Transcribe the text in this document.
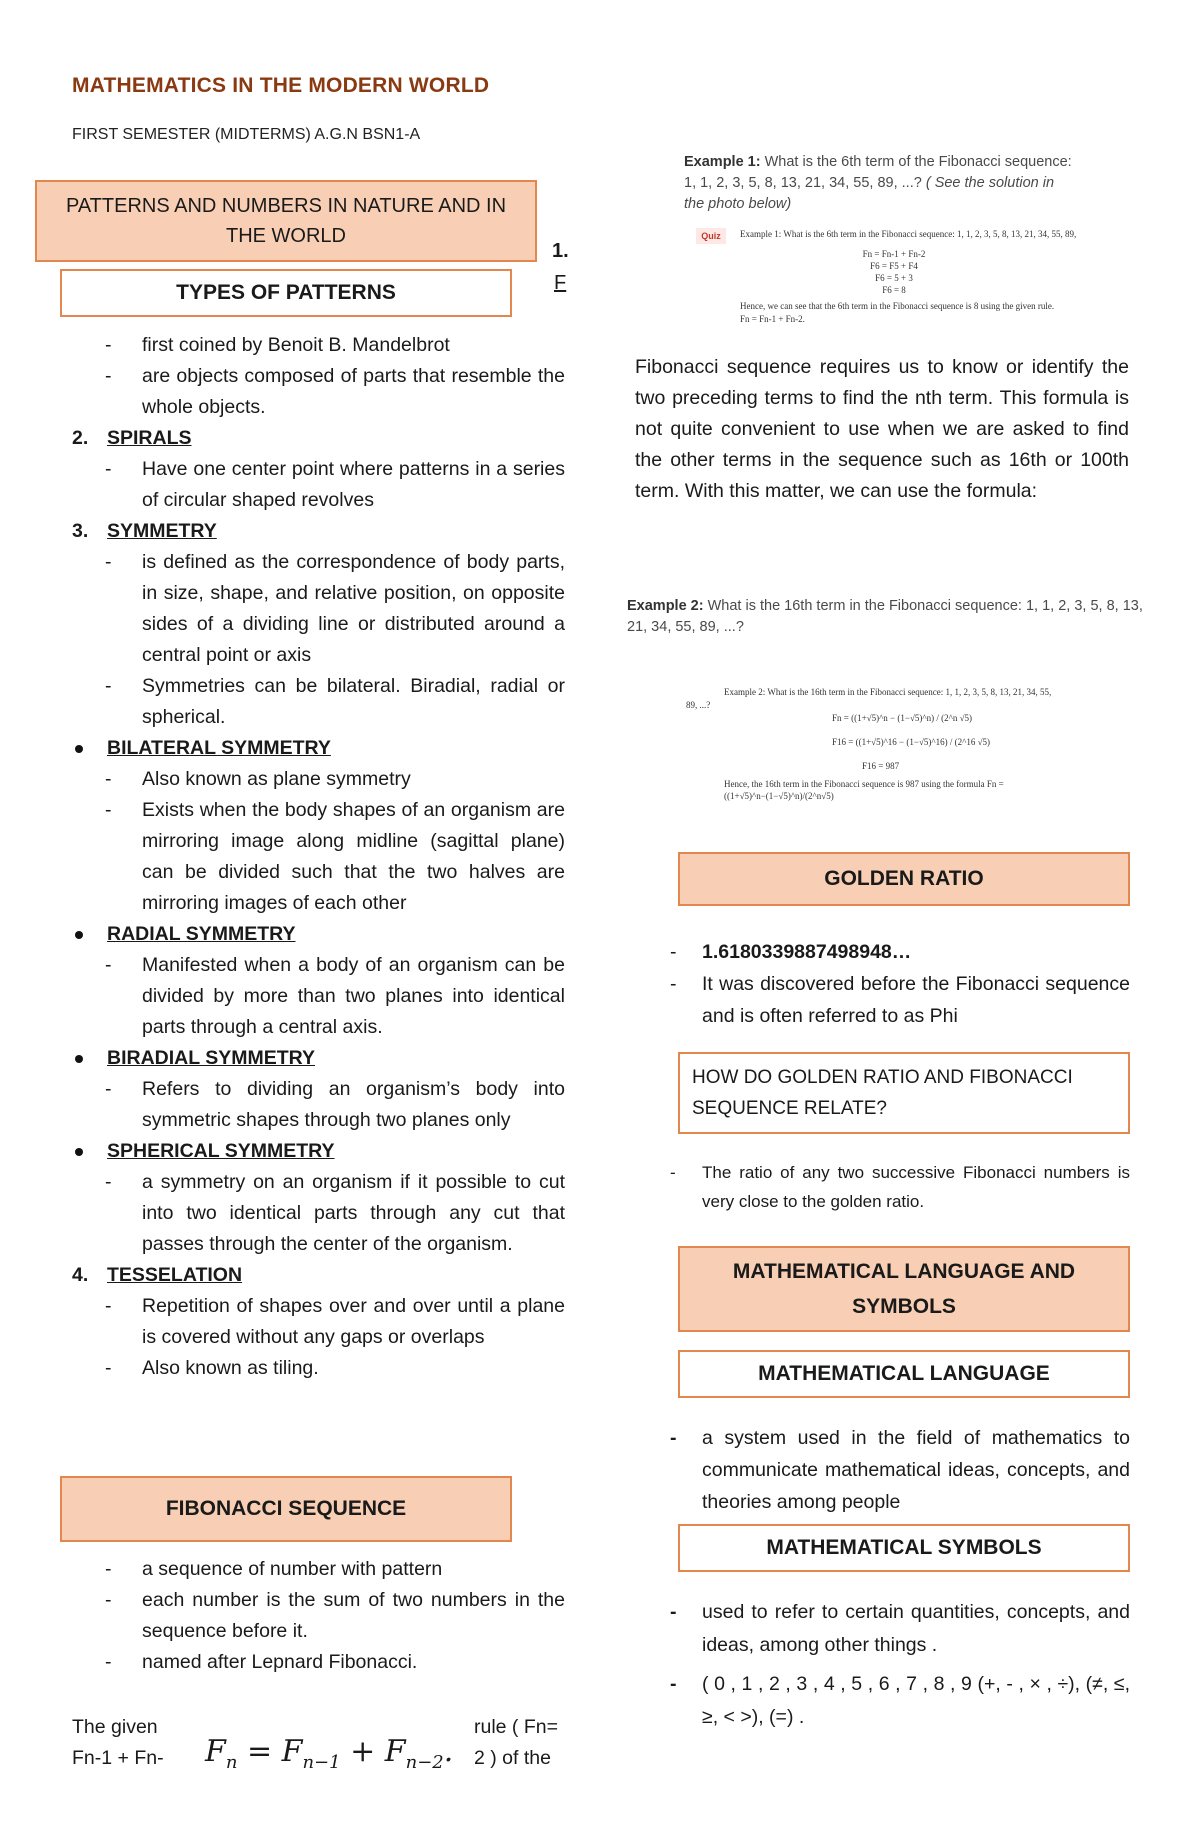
MATHEMATICS IN THE MODERN WORLD
FIRST SEMESTER (MIDTERMS) A.G.N BSN1-A
PATTERNS AND NUMBERS IN NATURE AND IN THE WORLD
1.
F
TYPES OF PATTERNS
- first coined by Benoit B. Mandelbrot
- are objects composed of parts that resemble the whole objects.
2. SPIRALS
- Have one center point where patterns in a series of circular shaped revolves
3. SYMMETRY
- is defined as the correspondence of body parts, in size, shape, and relative position, on opposite sides of a dividing line or distributed around a central point or axis
- Symmetries can be bilateral. Biradial, radial or spherical.
BILATERAL SYMMETRY
- Also known as plane symmetry
- Exists when the body shapes of an organism are mirroring image along midline (sagittal plane) can be divided such that the two halves are mirroring images of each other
RADIAL SYMMETRY
- Manifested when a body of an organism can be divided by more than two planes into identical parts through a central axis.
BIRADIAL SYMMETRY
- Refers to dividing an organism’s body into symmetric shapes through two planes only
SPHERICAL SYMMETRY
- a symmetry on an organism if it possible to cut into two identical parts through any cut that passes through the center of the organism.
4. TESSELATION
- Repetition of shapes over and over until a plane is covered without any gaps or overlaps
- Also known as tiling.
FIBONACCI SEQUENCE
- a sequence of number with pattern
- each number is the sum of two numbers in the sequence before it.
- named after Lepnard Fibonacci.
The given
Fn-1 + Fn-
rule ( Fn=
2 ) of the
$F_n = F_{n-1} + F_{n-2}$.
Example 1: What is the 6th term of the Fibonacci sequence: 1, 1, 2, 3, 5, 8, 13, 21, 34, 55, 89, ...? ( See the solution in the photo below)
Quiz	Example 1: What is the 6th term in the Fibonacci sequence: 1, 1, 2, 3, 5, 8, 13, 21, 34, 55, 89,
Fn = Fn-1 + Fn-2
F6 = F5 + F4
F6 = 5 + 3
F6 = 8
Hence, we can see that the 6th term in the Fibonacci sequence is 8 using the given rule.
Fn = Fn-1 + Fn-2.
Fibonacci sequence requires us to know or identify the two preceding terms to find the nth term. This formula is not quite convenient to use when we are asked to find the other terms in the sequence such as 16th or 100th term. With this matter, we can use the formula:
Example 2: What is the 16th term in the Fibonacci sequence: 1, 1, 2, 3, 5, 8, 13, 21, 34, 55, 89, ...?
Example 2: What is the 16th term in the Fibonacci sequence: 1, 1, 2, 3, 5, 8, 13, 21, 34, 55,
89, ...?
Fn = ((1+√5)^n − (1−√5)^n) / (2^n √5)
F16 = ((1+√5)^16 − (1−√5)^16) / (2^16 √5)
F16 = 987
Hence, the 16th term in the Fibonacci sequence is 987 using the formula Fn = ((1+√5)^n−(1−√5)^n)/(2^n√5)
GOLDEN RATIO
- 1.6180339887498948…
- It was discovered before the Fibonacci sequence and is often referred to as Phi
HOW DO GOLDEN RATIO AND FIBONACCI SEQUENCE RELATE?
- The ratio of any two successive Fibonacci numbers is very close to the golden ratio.
MATHEMATICAL LANGUAGE AND SYMBOLS
MATHEMATICAL LANGUAGE
- a system used in the field of mathematics to communicate mathematical ideas, concepts, and theories among people
MATHEMATICAL SYMBOLS
- used to refer to certain quantities, concepts, and ideas, among other things .
- ( 0 , 1 , 2 , 3 , 4 , 5 , 6 , 7 , 8 , 9 (+, - , × , ÷), (≠, ≤, ≥, < >), (=) .
